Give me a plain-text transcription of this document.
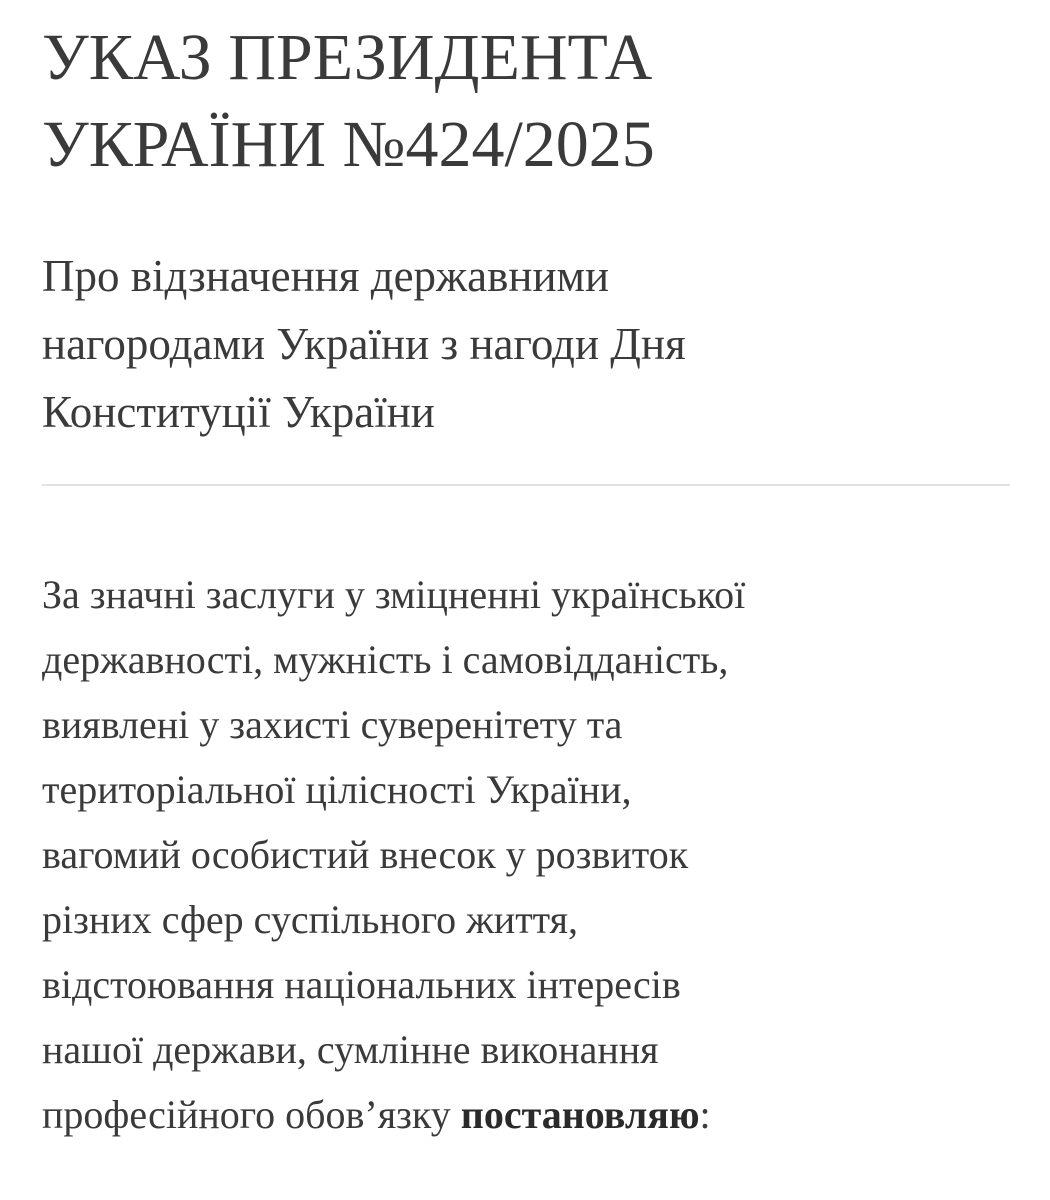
УКАЗ ПРЕЗИДЕНТА
УКРАЇНИ №424/2025
Про відзначення державними
нагородами України з нагоди Дня
Конституції України
За значні заслуги у зміцненні української
державності, мужність і самовідданість,
виявлені у захисті суверенітету та
територіальної цілісності України,
вагомий особистий внесок у розвиток
різних сфер суспільного життя,
відстоювання національних інтересів
нашої держави, сумлінне виконання
професійного обов’язку постановляю:
